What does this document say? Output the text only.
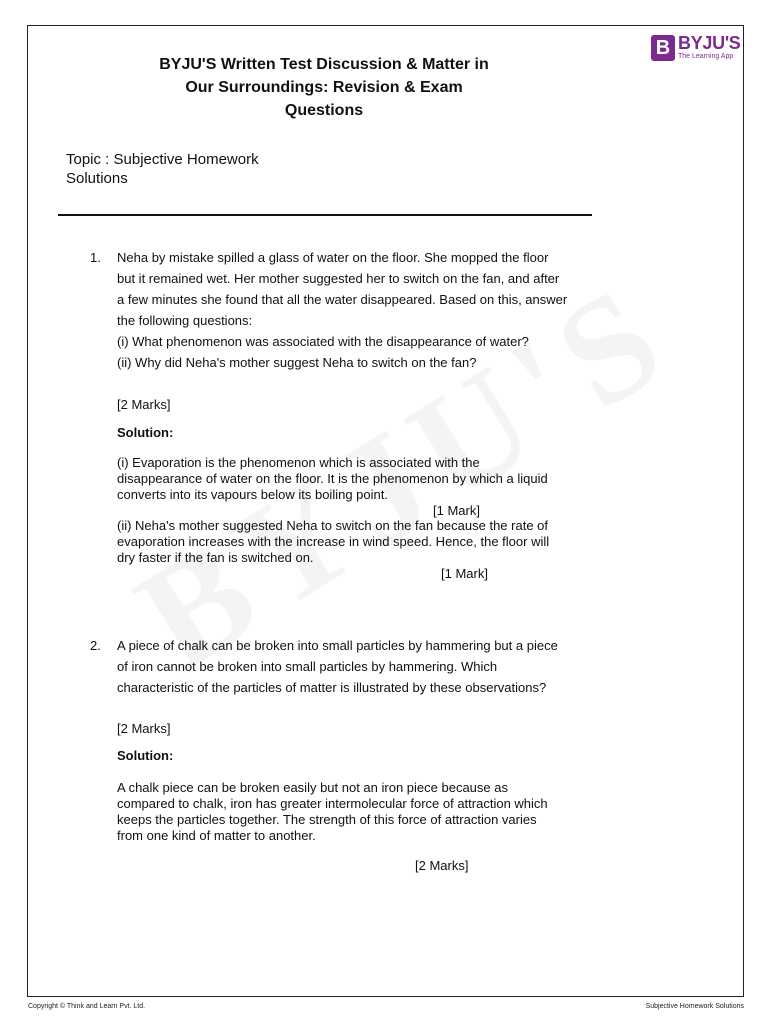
B BYJU'S
The Learning App
BYJU'S Written Test Discussion & Matter in Our Surroundings: Revision & Exam Questions
Topic : Subjective Homework Solutions
1. Neha by mistake spilled a glass of water on the floor. She mopped the floor
but it remained wet. Her mother suggested her to switch on the fan, and after
a few minutes she found that all the water disappeared. Based on this, answer
the following questions:
(i) What phenomenon was associated with the disappearance of water?
(ii) Why did Neha's mother suggest Neha to switch on the fan?
[2 Marks]
Solution:
(i) Evaporation is the phenomenon which is associated with the
disappearance of water on the floor. It is the phenomenon by which a liquid
converts into its vapours below its boiling point.
[1 Mark]
(ii) Neha's mother suggested Neha to switch on the fan because the rate of
evaporation increases with the increase in wind speed. Hence, the floor will
dry faster if the fan is switched on.
[1 Mark]
2. A piece of chalk can be broken into small particles by hammering but a piece
of iron cannot be broken into small particles by hammering. Which
characteristic of the particles of matter is illustrated by these observations?
[2 Marks]
Solution:
A chalk piece can be broken easily but not an iron piece because as
compared to chalk, iron has greater intermolecular force of attraction which
keeps the particles together. The strength of this force of attraction varies
from one kind of matter to another.
[2 Marks]
Copyright © Think and Learn Pvt. Ltd.	Subjective Homework Solutions
